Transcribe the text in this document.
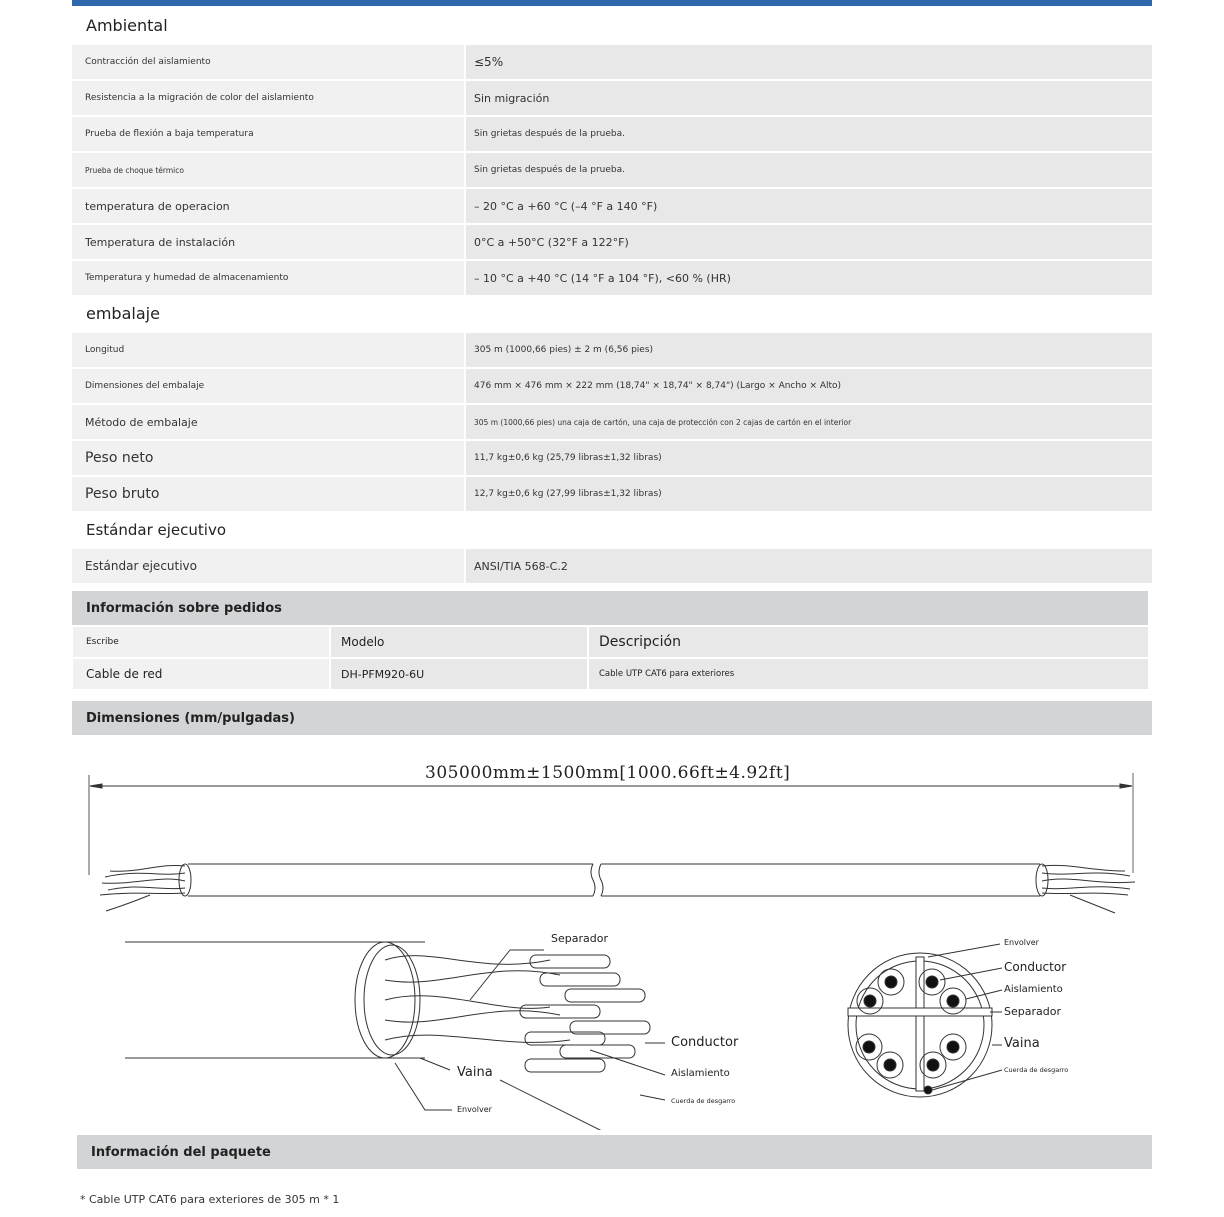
Ambiental
Contracción del aislamiento	≤5%
Resistencia a la migración de color del aislamiento	Sin migración
Prueba de flexión a baja temperatura	Sin grietas después de la prueba.
Prueba de choque térmico	Sin grietas después de la prueba.
temperatura de operacion	– 20 °C a +60 °C (–4 °F a 140 °F)
Temperatura de instalación	0°C a +50°C (32°F a 122°F)
Temperatura y humedad de almacenamiento	– 10 °C a +40 °C (14 °F a 104 °F), <60 % (HR)
embalaje
Longitud	305 m (1000,66 pies) ± 2 m (6,56 pies)
Dimensiones del embalaje	476 mm × 476 mm × 222 mm (18,74" × 18,74" × 8,74") (Largo × Ancho × Alto)
Método de embalaje	305 m (1000,66 pies) una caja de cartón, una caja de protección con 2 cajas de cartón en el interior
Peso neto	11,7 kg±0,6 kg (25,79 libras±1,32 libras)
Peso bruto	12,7 kg±0,6 kg (27,99 libras±1,32 libras)
Estándar ejecutivo
Estándar ejecutivo	ANSI/TIA 568-C.2
Información sobre pedidos
Escribe	Modelo	Descripción
Cable de red	DH-PFM920-6U	Cable UTP CAT6 para exteriores
Dimensiones (mm/pulgadas)
305000mm±1500mm[1000.66ft±4.92ft]
Separador
Conductor
Vaina	Aislamiento
Cuerda de desgarro
Envolver
Envolver
Conductor
Aislamiento
Separador
Vaina
Cuerda de desgarro
Información del paquete
* Cable UTP CAT6 para exteriores de 305 m * 1
